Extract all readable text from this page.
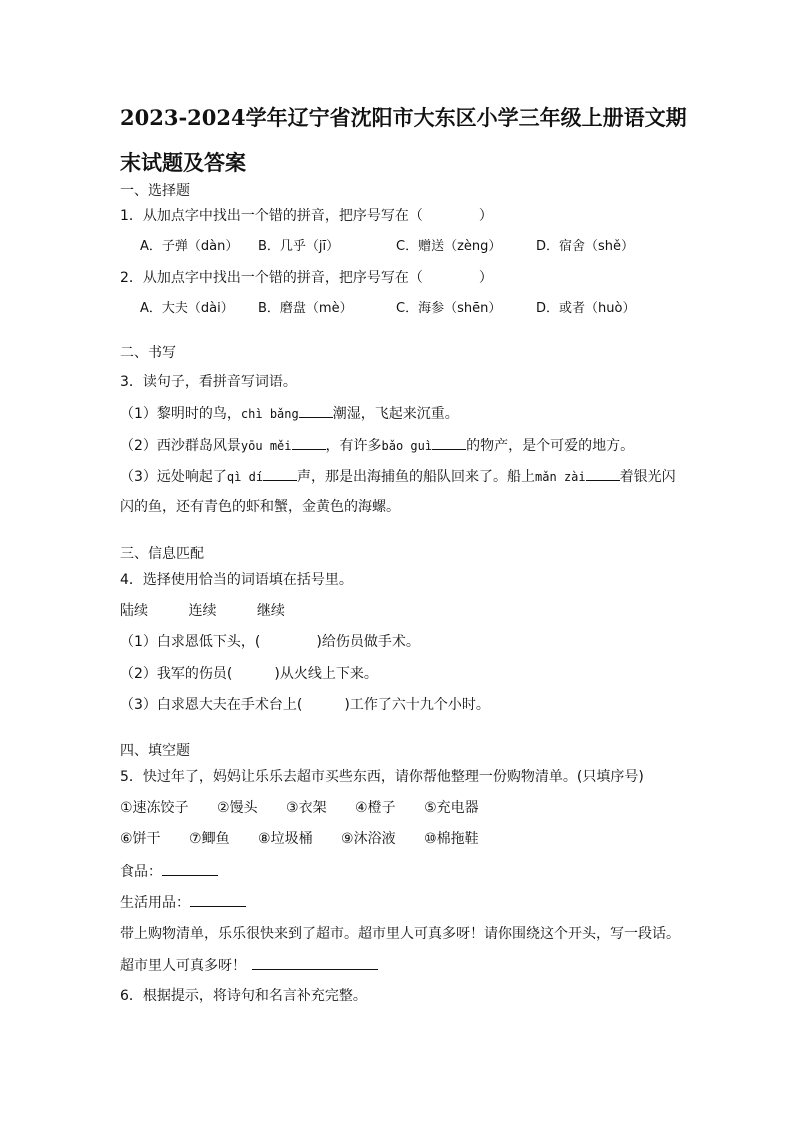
2023-2024学年辽宁省沈阳市大东区小学三年级上册语文期
末试题及答案
一、选择题
1．从加点字中找出一个错的拼音，把序号写在（　　　　）
A．子弹（dàn） B．几乎（jī）	C．赠送（zèng）	D．宿舍（shě）
2．从加点字中找出一个错的拼音，把序号写在（　　　　）
A．大夫（dài） B．磨盘（mè）	C．海参（shēn）	D．或者（huò）
二、书写
3．读句子，看拼音写词语。
（1）黎明时的鸟，chì bǎng 潮湿，飞起来沉重。
（2）西沙群岛风景yōu měi ，有许多bǎo guì 的物产，是个可爱的地方。
（3）远处响起了qì dí 声，那是出海捕鱼的船队回来了。船上mǎn zài 着银光闪
闪的鱼，还有青色的虾和蟹，金黄色的海螺。
三、信息匹配
4．选择使用恰当的词语填在括号里。
陆续	连续	继续
（1）白求恩低下头，(　　　　)给伤员做手术。
（2）我军的伤员(　　　)从火线上下来。
（3）白求恩大夫在手术台上(　　　)工作了六十九个小时。
四、填空题
5．快过年了，妈妈让乐乐去超市买些东西，请你帮他整理一份购物清单。(只填序号)
①速冻饺子 ②馒头 ③衣架 ④橙子 ⑤充电器
⑥饼干 ⑦鲫鱼 ⑧垃圾桶 ⑨沐浴液 ⑩棉拖鞋
食品：
生活用品：
带上购物清单，乐乐很快来到了超市。超市里人可真多呀！请你围绕这个开头，写一段话。
超市里人可真多呀！
6．根据提示，将诗句和名言补充完整。
